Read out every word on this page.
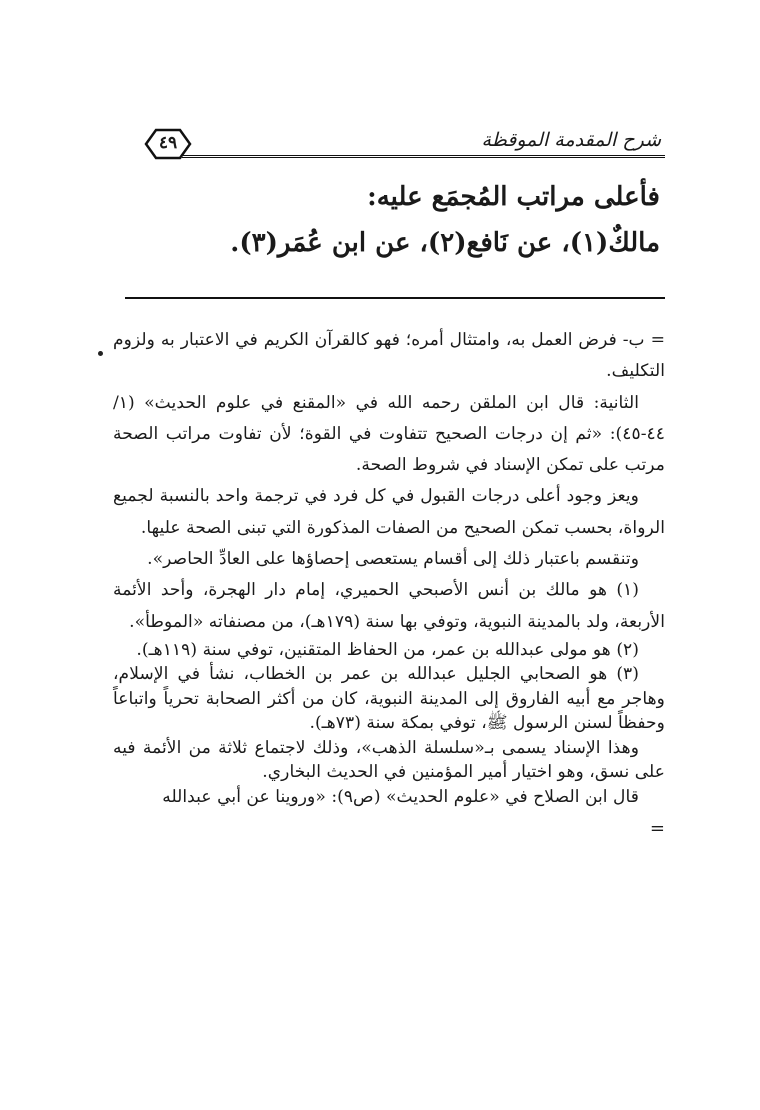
شرح المقدمة الموقظة
٤٩
فأعلى مراتب المُجمَع عليه:
مالكٌ(١)، عن نَافع(٢)، عن ابن عُمَر(٣).

= ب- فرض العمل به، وامتثال أمره؛ فهو كالقرآن الكريم في الاعتبار به ولزوم التكليف.

الثانية: قال ابن الملقن رحمه الله في «المقنع في علوم الحديث» (١/ ٤٤-٤٥): «ثم إن درجات الصحيح تتفاوت في القوة؛ لأن تفاوت مراتب الصحة مرتب على تمكن الإسناد في شروط الصحة.

ويعز وجود أعلى درجات القبول في كل فرد في ترجمة واحد بالنسبة لجميع الرواة، بحسب تمكن الصحيح من الصفات المذكورة التي تبنى الصحة عليها.

وتنقسم باعتبار ذلك إلى أقسام يستعصى إحصاؤها على العادِّ الحاصر».

(١) هو مالك بن أنس الأصبحي الحميري، إمام دار الهجرة، وأحد الأئمة الأربعة، ولد بالمدينة النبوية، وتوفي بها سنة (١٧٩هـ)، من مصنفاته «الموطأ».

(٢) هو مولى عبدالله بن عمر، من الحفاظ المتقنين، توفي سنة (١١٩هـ).

(٣) هو الصحابي الجليل عبدالله بن عمر بن الخطاب، نشأ في الإسلام، وهاجر مع أبيه الفاروق إلى المدينة النبوية، كان من أكثر الصحابة تحرياً واتباعاً وحفظاً لسنن الرسول ﷺ، توفي بمكة سنة (٧٣هـ).

وهذا الإسناد يسمى بـ«سلسلة الذهب»، وذلك لاجتماع ثلاثة من الأئمة فيه على نسق، وهو اختيار أمير المؤمنين في الحديث البخاري.

قال ابن الصلاح في «علوم الحديث» (ص٩): «وروينا عن أبي عبدالله

=
